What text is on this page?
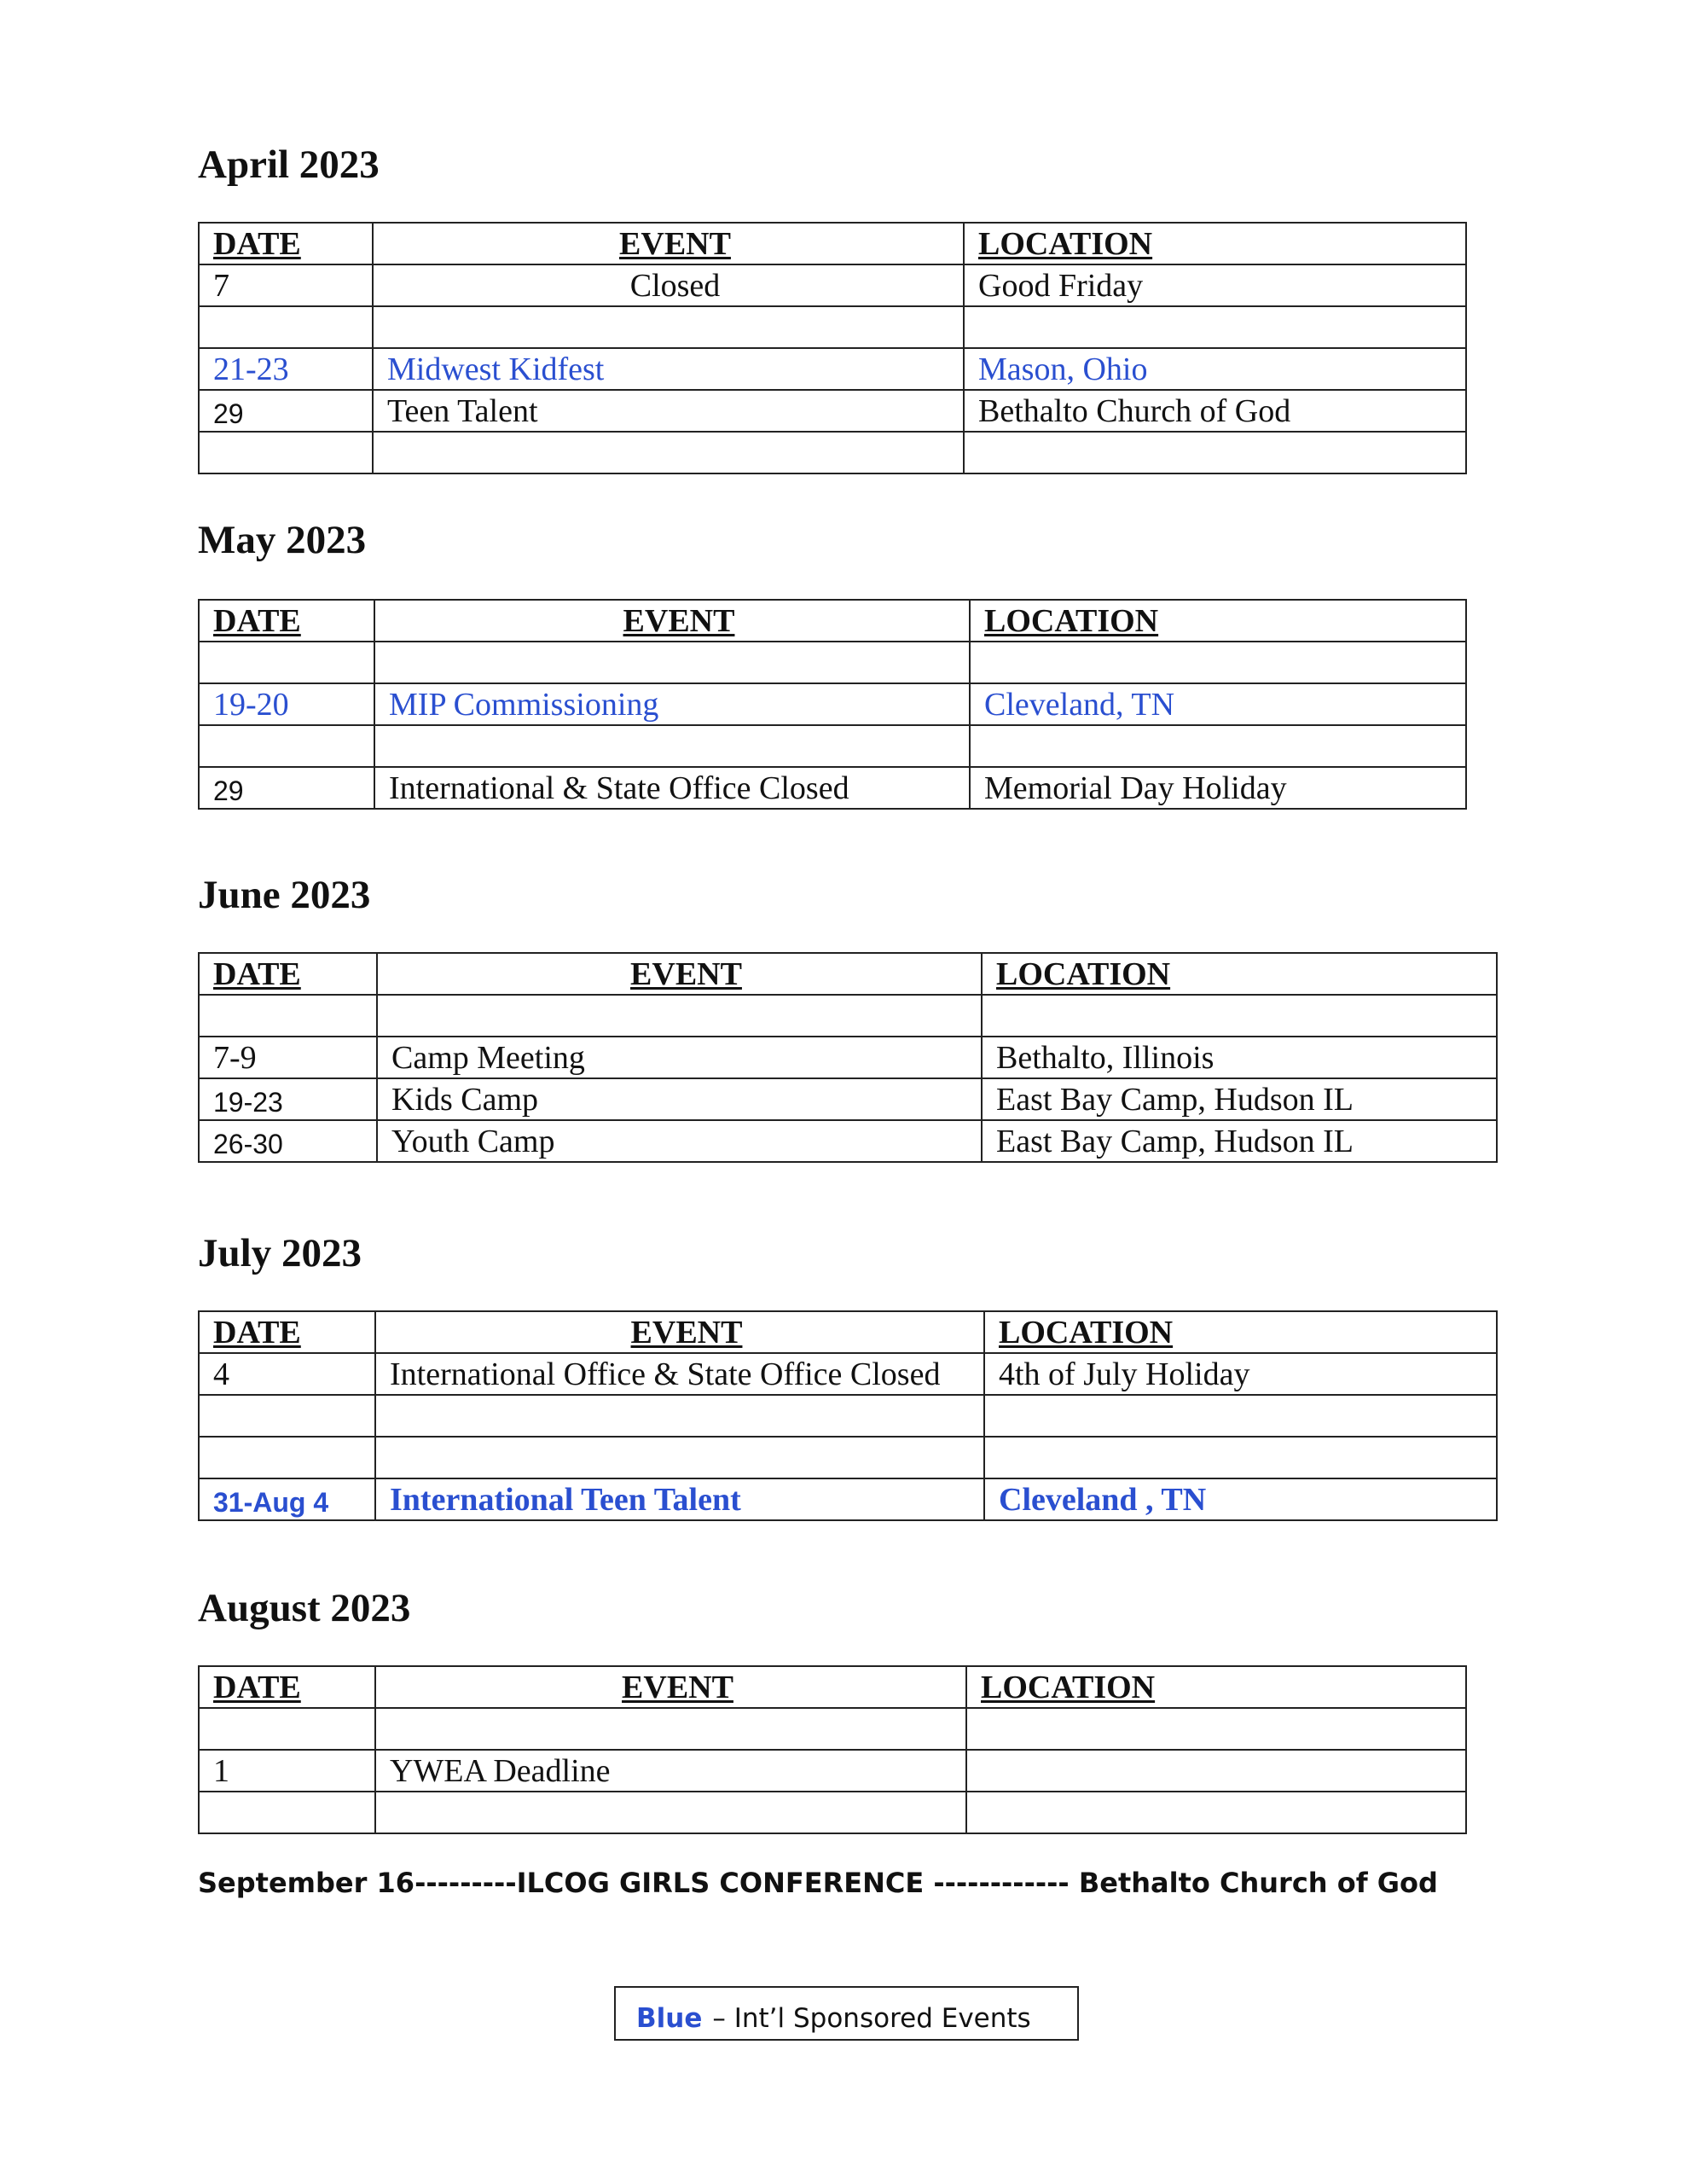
April 2023
DATE	EVENT	LOCATION
7	Closed	Good Friday

21-23	Midwest Kidfest	Mason, Ohio
29	Teen Talent	Bethalto Church of God

May 2023
DATE	EVENT	LOCATION

19-20	MIP Commissioning	Cleveland, TN

29	International & State Office Closed	Memorial Day Holiday
June 2023
DATE	EVENT	LOCATION

7-9	Camp Meeting	Bethalto, Illinois
19-23	Kids Camp	East Bay Camp, Hudson IL
26-30	Youth Camp	East Bay Camp, Hudson IL
July 2023
DATE	EVENT	LOCATION
4	International Office & State Office Closed	4th of July Holiday

31-Aug 4	International Teen Talent	Cleveland , TN
August 2023
DATE	EVENT	LOCATION

1	YWEA Deadline	

September 16---------ILCOG GIRLS CONFERENCE ------------ Bethalto Church of God
Blue – Int’l Sponsored Events
